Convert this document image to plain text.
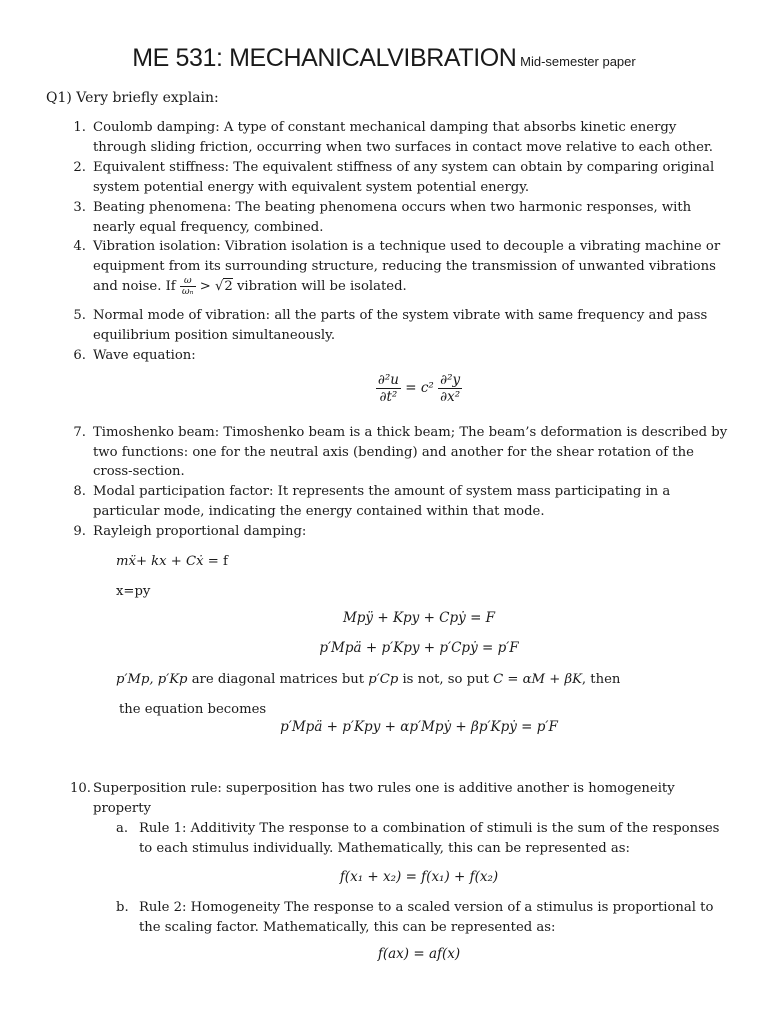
ME 531: MECHANICALVIBRATION Mid-semester paper
Q1) Very briefly explain:
1. Coulomb damping: A type of constant mechanical damping that absorbs kinetic energy through sliding friction, occurring when two surfaces in contact move relative to each other.
2. Equivalent stiffness: The equivalent stiffness of any system can obtain by comparing original system potential energy with equivalent system potential energy.
3. Beating phenomena: The beating phenomena occurs when two harmonic responses, with nearly equal frequency, combined.
4. Vibration isolation: Vibration isolation is a technique used to decouple a vibrating machine or equipment from its surrounding structure, reducing the transmission of unwanted vibrations and noise. If $\frac{\omega}{\text{ωₙ}} > √2$ vibration will be isolated.
5. Normal mode of vibration: all the parts of the system vibrate with same frequency and pass equilibrium position simultaneously.
6. Wave equation:
$\frac{\text{∂²u}}{\text{∂t²}} = c^2 \frac{\text{∂²y}}{\text{∂x²}}$
7. Timoshenko beam: Timoshenko beam is a thick beam; The beam’s deformation is described by two functions: one for the neutral axis (bending) and another for the shear rotation of the cross-section.
8. Modal participation factor: It represents the amount of system mass participating in a particular mode, indicating the energy contained within that mode.
9. Rayleigh proportional damping:
mẍ+ kx + Cẋ = f
x=py
Mpÿ + Kpy + Cpẏ = F
p′Mpä + p′Kpy + p′Cpẏ = p′F
p′Mp, p′Kp are diagonal matrices but p′Cp is not, so put C = αM + βK, then
the equation becomes
p′Mpä + p′Kpy + αp′Mpẏ + βp′Kpẏ = p′F
10. Superposition rule: superposition has two rules one is additive another is homogeneity property
a. Rule 1: Additivity The response to a combination of stimuli is the sum of the responses to each stimulus individually. Mathematically, this can be represented as:
f(x₁ + x₂) = f(x₁) + f(x₂)
b. Rule 2: Homogeneity The response to a scaled version of a stimulus is proportional to the scaling factor. Mathematically, this can be represented as:
f(ax) = af(x)
